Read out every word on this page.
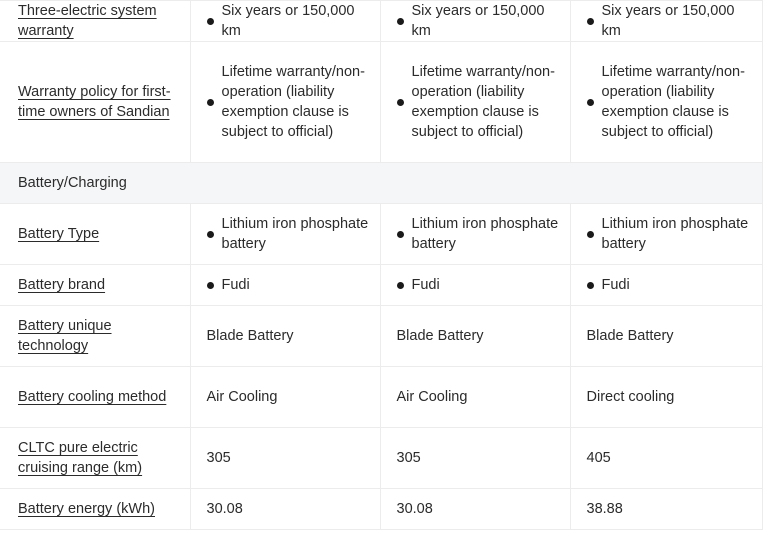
Three-electric system warranty	Six years or 150,000 km	Six years or 150,000 km	Six years or 150,000 km

Warranty policy for first-time owners of Sandian	Lifetime warranty/non-operation (liability exemption clause is subject to official)	Lifetime warranty/non-operation (liability exemption clause is subject to official)	Lifetime warranty/non-operation (liability exemption clause is subject to official)

Battery/Charging			
Battery Type	Lithium iron phosphate battery	Lithium iron phosphate battery	Lithium iron phosphate battery

Battery brand	Fudi	Fudi	Fudi

Battery unique technology	Blade Battery	Blade Battery	Blade Battery
Battery cooling method	Air Cooling	Air Cooling	Direct cooling
CLTC pure electric cruising range (km)	305	305	405
Battery energy (kWh)	30.08	30.08	38.88
